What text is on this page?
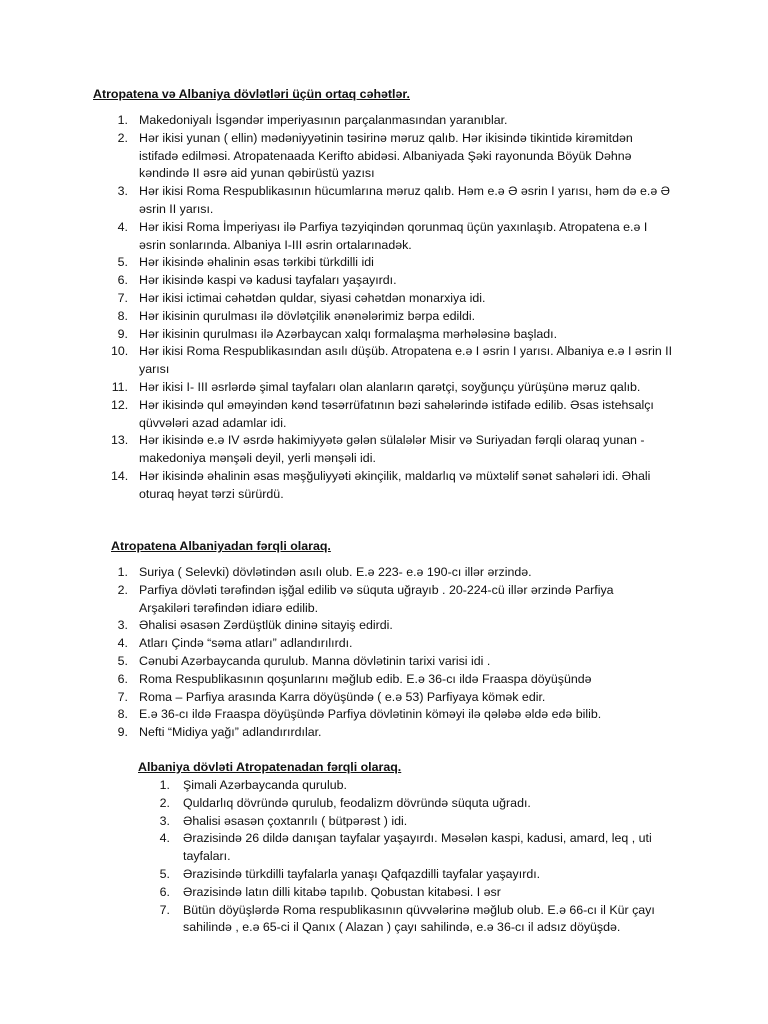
Atropatena və Albaniya dövlətləri üçün ortaq cəhətlər.
1. Makedoniyalı İsgəndər imperiyasının parçalanmasından yaranıblar.
2. Hər ikisi yunan ( ellin) mədəniyyətinin təsirinə məruz qalıb. Hər ikisində tikintidə kirəmitdən istifadə edilməsi. Atropatenaada Kerifto abidəsi. Albaniyada Şəki rayonunda Böyük Dəhnə kəndində II əsrə aid yunan qəbirüstü yazısı
3. Hər ikisi Roma Respublikasının hücumlarına məruz qalıb. Həm e.ə Ə əsrin I yarısı, həm də e.ə Ə əsrin II yarısı.
4. Hər ikisi Roma İmperiyası ilə Parfiya təzyiqindən qorunmaq üçün yaxınlaşıb. Atropatena e.ə I əsrin sonlarında. Albaniya I-III əsrin ortalarınadək.
5. Hər ikisində əhalinin əsas tərkibi türkdilli idi
6. Hər ikisində kaspi və kadusi tayfaları yaşayırdı.
7. Hər ikisi ictimai cəhətdən quldar, siyasi cəhətdən monarxiya idi.
8. Hər ikisinin qurulması ilə dövlətçilik ənənələrimiz bərpa edildi.
9. Hər ikisinin qurulması ilə Azərbaycan xalqı formalaşma mərhələsinə başladı.
10. Hər ikisi Roma Respublikasından asılı düşüb. Atropatena e.ə I əsrin I yarısı. Albaniya e.ə I əsrin II yarısı
11. Hər ikisi I- III əsrlərdə şimal tayfaları olan alanların qarətçi, soyğunçu yürüşünə məruz qalıb.
12. Hər ikisində qul əməyindən kənd təsərrüfatının bəzi sahələrində istifadə edilib. Əsas istehsalçı qüvvələri azad adamlar idi.
13. Hər ikisində e.ə IV əsrdə hakimiyyətə gələn sülalələr Misir və Suriyadan fərqli olaraq yunan - makedoniya mənşəli deyil, yerli mənşəli idi.
14. Hər ikisində əhalinin əsas məşğuliyyəti əkinçilik, maldarlıq və müxtəlif sənət sahələri idi. Əhali oturaq həyat tərzi sürürdü.
Atropatena Albaniyadan fərqli olaraq.
1. Suriya ( Selevki) dövlətindən asılı olub. E.ə 223- e.ə 190-cı illər ərzində.
2. Parfiya dövləti tərəfindən işğal edilib və süquta uğrayıb . 20-224-cü illər ərzində Parfiya Arşakiləri tərəfindən idiarə edilib.
3. Əhalisi əsasən Zərdüştlük dininə sitayiş edirdi.
4. Atları Çində “səma atları” adlandırılırdı.
5. Cənubi Azərbaycanda qurulub. Manna dövlətinin tarixi varisi idi .
6. Roma Respublikasının qoşunlarını məğlub edib. E.ə 36-cı ildə Fraaspa döyüşündə
7. Roma – Parfiya arasında Karra döyüşündə ( e.ə 53) Parfiyaya kömək edir.
8. E.ə 36-cı ildə Fraaspa döyüşündə Parfiya dövlətinin köməyi ilə qələbə əldə edə bilib.
9. Nefti “Midiya yağı” adlandırırdılar.
Albaniya dövləti Atropatenadan fərqli olaraq.
1. Şimali Azərbaycanda qurulub.
2. Quldarlıq dövründə qurulub, feodalizm dövründə süquta uğradı.
3. Əhalisi əsasən çoxtanrılı ( bütpərəst ) idi.
4. Ərazisində 26 dildə danışan tayfalar yaşayırdı. Məsələn kaspi, kadusi, amard, leq , uti tayfaları.
5. Ərazisində türkdilli tayfalarla yanaşı Qafqazdilli tayfalar yaşayırdı.
6. Ərazisində latın dilli kitabə tapılıb. Qobustan kitabəsi. I əsr
7. Bütün döyüşlərdə Roma respublikasının qüvvələrinə məğlub olub. E.ə 66-cı il Kür çayı sahilində , e.ə 65-ci il Qanıx ( Alazan ) çayı sahilində, e.ə 36-cı il adsız döyüşdə.
